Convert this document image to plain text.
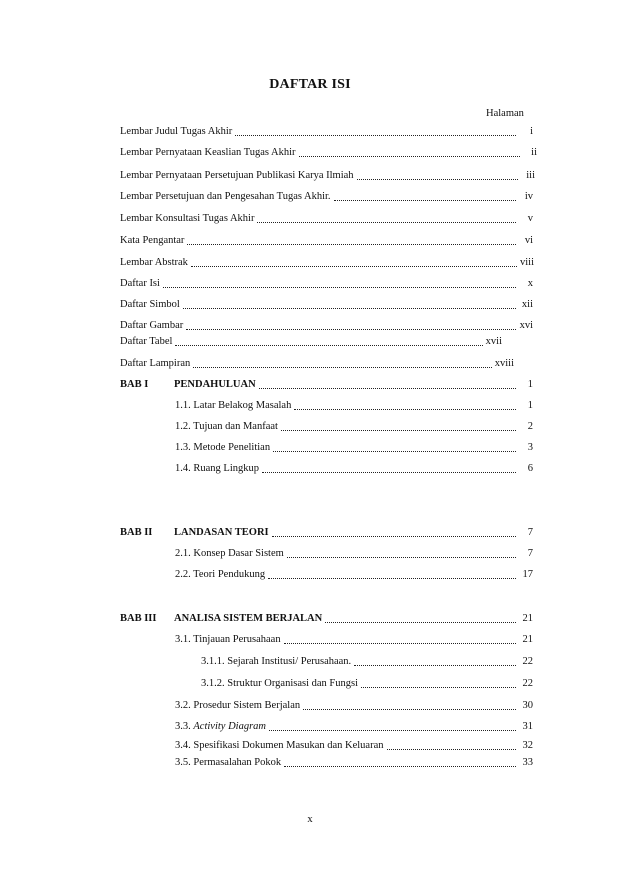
DAFTAR ISI
Halaman
Lembar Judul Tugas Akhir	i
Lembar Pernyataan Keaslian Tugas Akhir	ii
Lembar Pernyataan Persetujuan Publikasi Karya Ilmiah	iii
Lembar Persetujuan dan Pengesahan Tugas Akhir.	iv
Lembar Konsultasi Tugas Akhir	v
Kata Pengantar	vi
Lembar Abstrak	viii
Daftar Isi	x
Daftar Simbol	xii
Daftar Gambar	xvi
Daftar Tabel	xvii
Daftar Lampiran	xviii
BAB I PENDAHULUAN	1
1.1. Latar Belakog Masalah	1
1.2. Tujuan dan Manfaat	2
1.3. Metode Penelitian	3
1.4. Ruang Lingkup	6
BAB II LANDASAN TEORI	7
2.1. Konsep Dasar Sistem	7
2.2. Teori Pendukung	17
BAB III ANALISA SISTEM BERJALAN	21
3.1. Tinjauan Perusahaan	21
3.1.1. Sejarah Institusi/ Perusahaan.	22
3.1.2. Struktur Organisasi dan Fungsi	22
3.2. Prosedur Sistem Berjalan	30
3.3. Activity Diagram	31
3.4. Spesifikasi Dokumen Masukan dan Keluaran	32
3.5. Permasalahan Pokok	33
x
